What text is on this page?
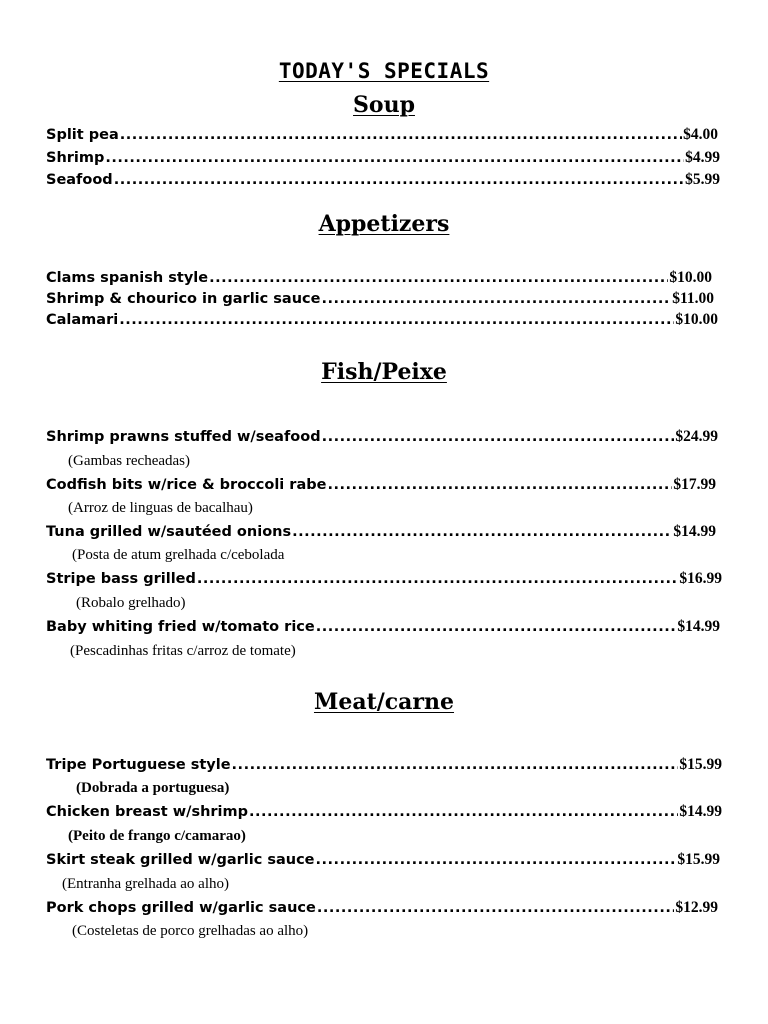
TODAY'S SPECIALS
Soup
Split pea .....	$4.00
Shrimp .....	$4.99
Seafood .....	$5.99
Appetizers
Clams spanish style .....	$10.00
Shrimp & chourico in garlic sauce .....	$11.00
Calamari .....	$10.00
Fish/Peixe
Shrimp prawns stuffed w/seafood .....	$24.99
(Gambas recheadas)
Codfish bits w/rice & broccoli rabe .....	$17.99
(Arroz de linguas de bacalhau)
Tuna grilled w/sautéed onions .....	$14.99
(Posta de atum grelhada c/cebolada
Stripe bass grilled .....	$16.99
(Robalo grelhado)
Baby whiting fried w/tomato rice .....	$14.99
(Pescadinhas fritas c/arroz de tomate)
Meat/carne
Tripe Portuguese style .....	$15.99
(Dobrada a portuguesa)
Chicken breast w/shrimp .....	$14.99
(Peito de frango c/camarao)
Skirt steak grilled w/garlic sauce .....	$15.99
(Entranha grelhada ao alho)
Pork chops grilled w/garlic sauce .....	$12.99
(Costeletas de porco grelhadas ao alho)
